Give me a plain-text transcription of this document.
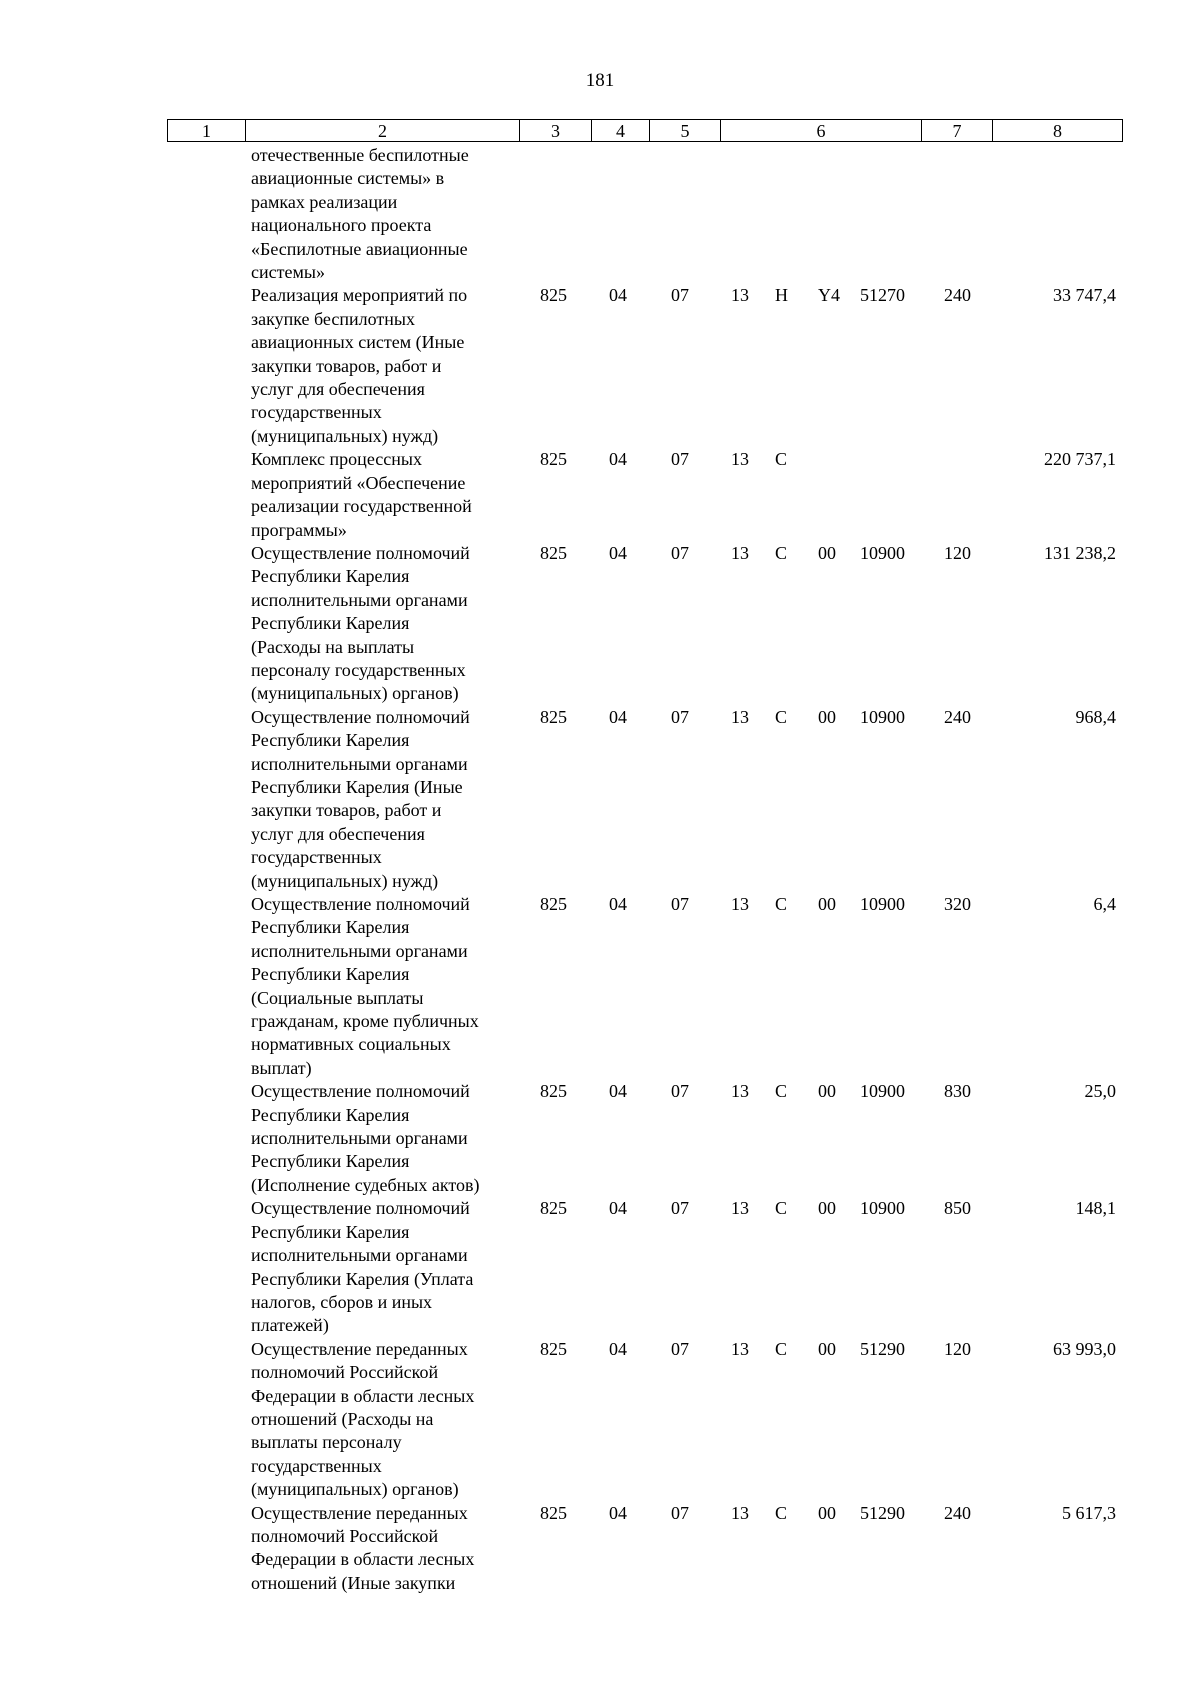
181
1	2	3	4	5	6	7	8
отечественные беспилотные
авиационные системы» в
рамках реализации
национального проекта
«Беспилотные авиационные
системы»
Реализация мероприятий по
закупке беспилотных
авиационных систем (Иные
закупки товаров, работ и
услуг для обеспечения
государственных
(муниципальных) нужд)
825 04 07 13 Н Y4 51270 240	33 747,4
Комплекс процессных
мероприятий «Обеспечение
реализации государственной
программы»
825 04 07 13 С	220 737,1
Осуществление полномочий
Республики Карелия
исполнительными органами
Республики Карелия
(Расходы на выплаты
персоналу государственных
(муниципальных) органов)
825 04 07 13 С 00 10900 120	131 238,2
Осуществление полномочий
Республики Карелия
исполнительными органами
Республики Карелия (Иные
закупки товаров, работ и
услуг для обеспечения
государственных
(муниципальных) нужд)
825 04 07 13 С 00 10900 240	968,4
Осуществление полномочий
Республики Карелия
исполнительными органами
Республики Карелия
(Социальные выплаты
гражданам, кроме публичных
нормативных социальных
выплат)
825 04 07 13 С 00 10900 320	6,4
Осуществление полномочий
Республики Карелия
исполнительными органами
Республики Карелия
(Исполнение судебных актов)
825 04 07 13 С 00 10900 830	25,0
Осуществление полномочий
Республики Карелия
исполнительными органами
Республики Карелия (Уплата
налогов, сборов и иных
платежей)
825 04 07 13 С 00 10900 850	148,1
Осуществление переданных
полномочий Российской
Федерации в области лесных
отношений (Расходы на
выплаты персоналу
государственных
(муниципальных) органов)
825 04 07 13 С 00 51290 120	63 993,0
Осуществление переданных
полномочий Российской
Федерации в области лесных
отношений (Иные закупки
825 04 07 13 С 00 51290 240	5 617,3
